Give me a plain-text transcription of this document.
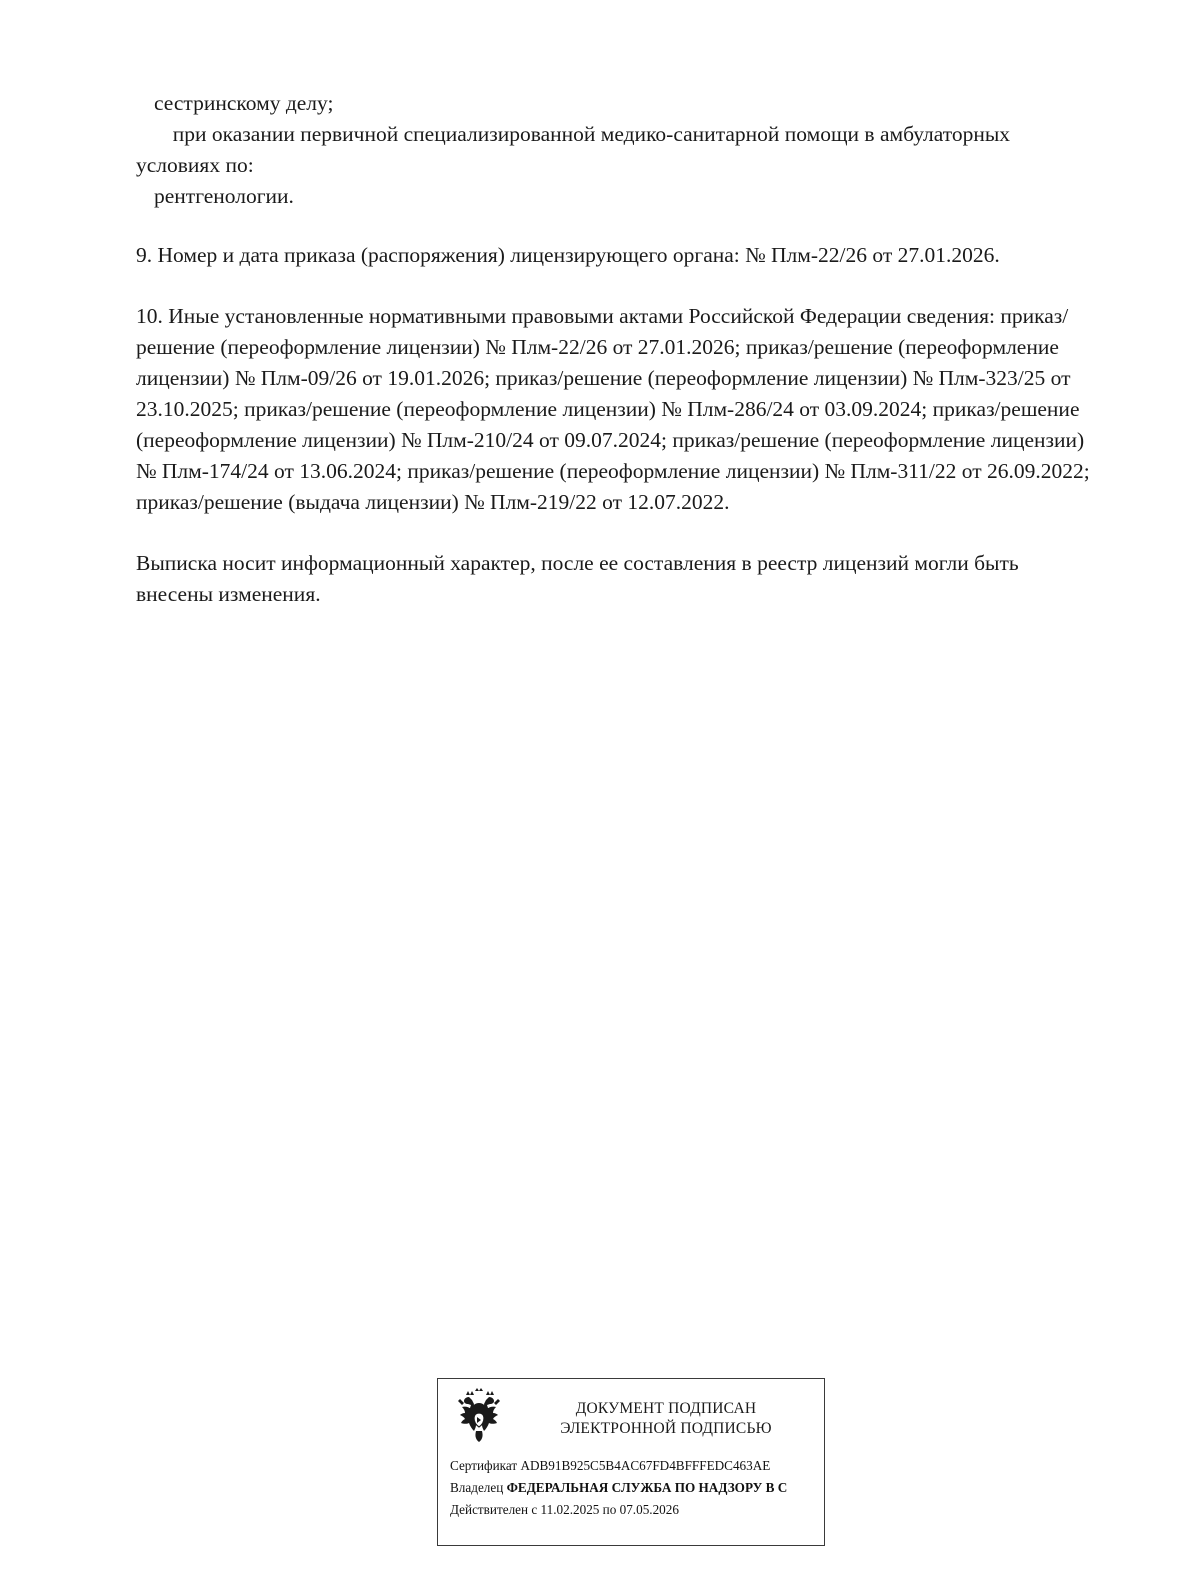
сестринскому делу;

при оказании первичной специализированной медико-санитарной помощи в амбулаторных условиях по:

рентгенологии.

9. Номер и дата приказа (распоряжения) лицензирующего органа: № Плм-22/26 от 27.01.2026.

10. Иные установленные нормативными правовыми актами Российской Федерации сведения: приказ/решение (переоформление лицензии) № Плм-22/26 от 27.01.2026; приказ/решение (переоформление лицензии) № Плм-09/26 от 19.01.2026; приказ/решение (переоформление лицензии) № Плм-323/25 от 23.10.2025; приказ/решение (переоформление лицензии) № Плм-286/24 от 03.09.2024; приказ/решение (переоформление лицензии) № Плм-210/24 от 09.07.2024; приказ/решение (переоформление лицензии) № Плм-174/24 от 13.06.2024; приказ/решение (переоформление лицензии) № Плм-311/22 от 26.09.2022; приказ/решение (выдача лицензии) № Плм-219/22 от 12.07.2022.

Выписка носит информационный характер, после ее составления в реестр лицензий могли быть внесены изменения.

ДОКУМЕНТ ПОДПИСАН
ЭЛЕКТРОННОЙ ПОДПИСЬЮ
Сертификат ADB91B925C5B4AC67FD4BFFFEDC463AE
Владелец ФЕДЕРАЛЬНАЯ СЛУЖБА ПО НАДЗОРУ В С
Действителен с 11.02.2025 по 07.05.2026
